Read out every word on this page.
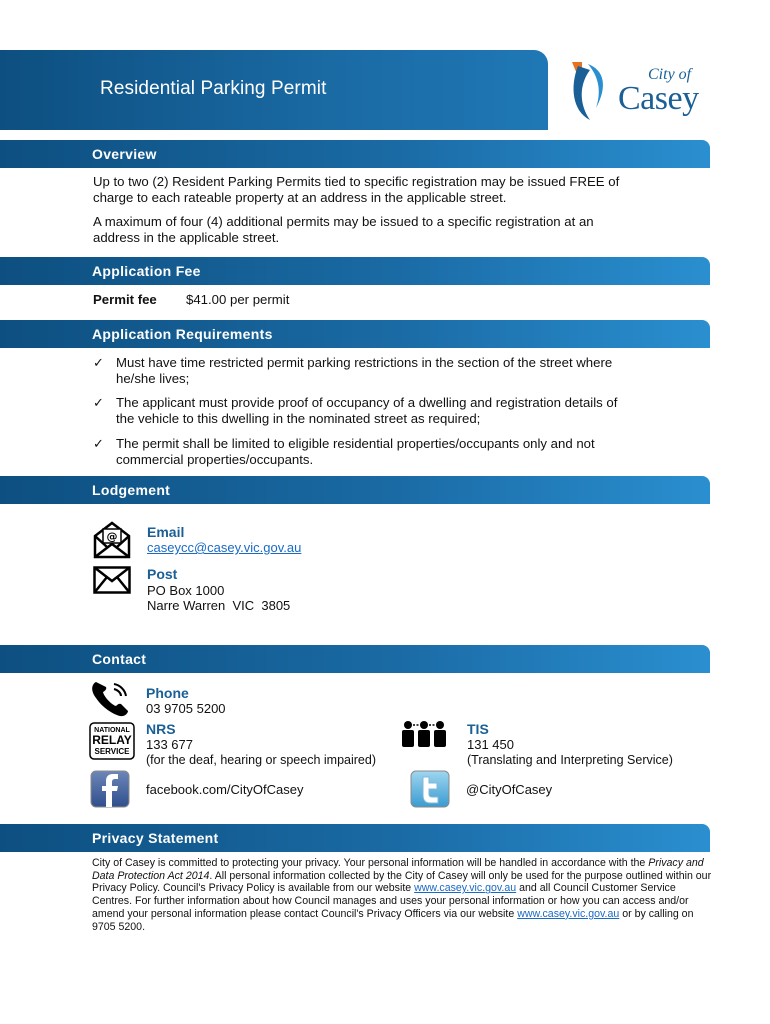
Residential Parking Permit
City of
Casey
Overview
Up to two (2) Resident Parking Permits tied to specific registration may be issued FREE of
charge to each rateable property at an address in the applicable street.
A maximum of four (4) additional permits may be issued to a specific registration at an
address in the applicable street.
Application Fee
Permit fee	$41.00 per permit
Application Requirements
✓ Must have time restricted permit parking restrictions in the section of the street where
he/she lives;
✓ The applicant must provide proof of occupancy of a dwelling and registration details of
the vehicle to this dwelling in the nominated street as required;
✓ The permit shall be limited to eligible residential properties/occupants only and not
commercial properties/occupants.
Lodgement
@ Email
caseycc@casey.vic.gov.au
Post
PO Box 1000
Narre Warren  VIC  3805
Contact
Phone
03 9705 5200
NATIONAL
RELAY
SERVICE
NRS
133 677
(for the deaf, hearing or speech impaired)
TIS
131 450
(Translating and Interpreting Service)
facebook.com/CityOfCasey	@CityOfCasey
Privacy Statement
City of Casey is committed to protecting your privacy. Your personal information will be handled in accordance with the Privacy and Data Protection Act 2014. All personal information collected by the City of Casey will only be used for the purpose outlined within our Privacy Policy. Council's Privacy Policy is available from our website www.casey.vic.gov.au and all Council Customer Service Centres. For further information about how Council manages and uses your personal information or how you can access and/or amend your personal information please contact Council's Privacy Officers via our website www.casey.vic.gov.au or by calling on 9705 5200.
